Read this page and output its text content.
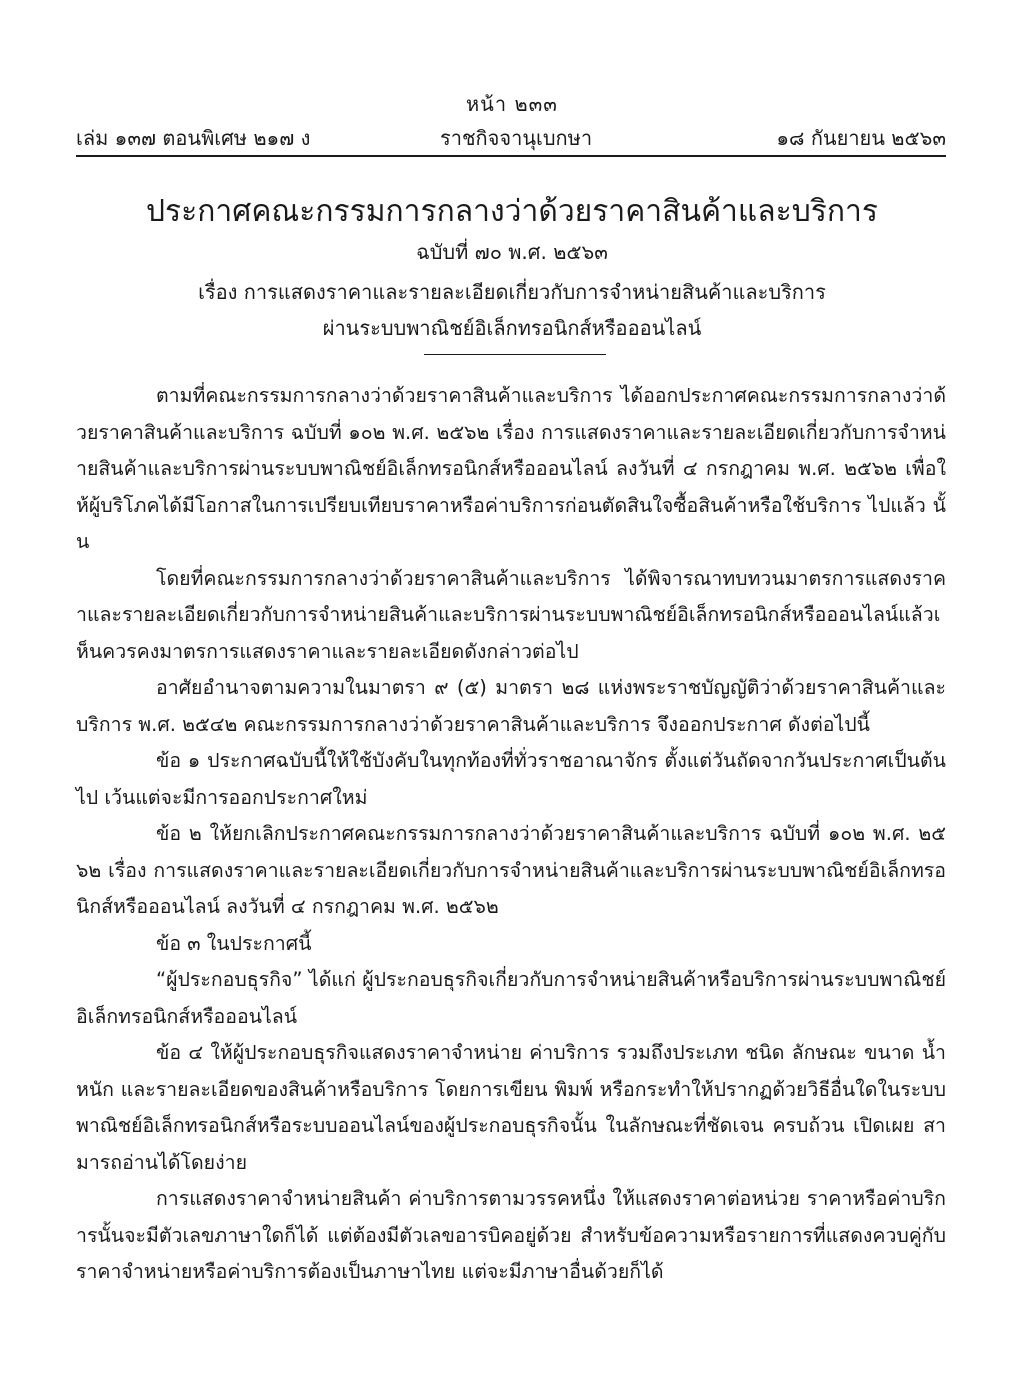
หน้า ๒๓๓
เล่ม ๑๓๗ ตอนพิเศษ ๒๑๗ ง	ราชกิจจานุเบกษา	๑๘ กันยายน ๒๕๖๓
ประกาศคณะกรรมการกลางว่าด้วยราคาสินค้าและบริการ
ฉบับที่ ๗๐ พ.ศ. ๒๕๖๓
เรื่อง การแสดงราคาและรายละเอียดเกี่ยวกับการจำหน่ายสินค้าและบริการ
ผ่านระบบพาณิชย์อิเล็กทรอนิกส์หรือออนไลน์

ตามที่คณะกรรมการกลางว่าด้วยราคาสินค้าและบริการ ได้ออกประกาศคณะกรรมการกลางว่าด้วยราคาสินค้าและบริการ ฉบับที่ ๑๐๒ พ.ศ. ๒๕๖๒ เรื่อง การแสดงราคาและรายละเอียดเกี่ยวกับการจำหน่ายสินค้าและบริการผ่านระบบพาณิชย์อิเล็กทรอนิกส์หรือออนไลน์ ลงวันที่ ๔ กรกฎาคม พ.ศ. ๒๕๖๒ เพื่อให้ผู้บริโภคได้มีโอกาสในการเปรียบเทียบราคาหรือค่าบริการก่อนตัดสินใจซื้อสินค้าหรือใช้บริการ ไปแล้ว นั้น

โดยที่คณะกรรมการกลางว่าด้วยราคาสินค้าและบริการ ได้พิจารณาทบทวนมาตรการแสดงราคาและรายละเอียดเกี่ยวกับการจำหน่ายสินค้าและบริการผ่านระบบพาณิชย์อิเล็กทรอนิกส์หรือออนไลน์แล้วเห็นควรคงมาตรการแสดงราคาและรายละเอียดดังกล่าวต่อไป

อาศัยอำนาจตามความในมาตรา ๙ (๕) มาตรา ๒๘ แห่งพระราชบัญญัติว่าด้วยราคาสินค้าและบริการ พ.ศ. ๒๕๔๒ คณะกรรมการกลางว่าด้วยราคาสินค้าและบริการ จึงออกประกาศ ดังต่อไปนี้

ข้อ ๑ ประกาศฉบับนี้ให้ใช้บังคับในทุกท้องที่ทั่วราชอาณาจักร ตั้งแต่วันถัดจากวันประกาศเป็นต้นไป เว้นแต่จะมีการออกประกาศใหม่

ข้อ ๒ ให้ยกเลิกประกาศคณะกรรมการกลางว่าด้วยราคาสินค้าและบริการ ฉบับที่ ๑๐๒ พ.ศ. ๒๕๖๒ เรื่อง การแสดงราคาและรายละเอียดเกี่ยวกับการจำหน่ายสินค้าและบริการผ่านระบบพาณิชย์อิเล็กทรอนิกส์หรือออนไลน์ ลงวันที่ ๔ กรกฎาคม พ.ศ. ๒๕๖๒

ข้อ ๓ ในประกาศนี้

“ผู้ประกอบธุรกิจ” ได้แก่ ผู้ประกอบธุรกิจเกี่ยวกับการจำหน่ายสินค้าหรือบริการผ่านระบบพาณิชย์อิเล็กทรอนิกส์หรือออนไลน์

ข้อ ๔ ให้ผู้ประกอบธุรกิจแสดงราคาจำหน่าย ค่าบริการ รวมถึงประเภท ชนิด ลักษณะ ขนาด น้ำหนัก และรายละเอียดของสินค้าหรือบริการ โดยการเขียน พิมพ์ หรือกระทำให้ปรากฏด้วยวิธีอื่นใดในระบบพาณิชย์อิเล็กทรอนิกส์หรือระบบออนไลน์ของผู้ประกอบธุรกิจนั้น ในลักษณะที่ชัดเจน ครบถ้วน เปิดเผย สามารถอ่านได้โดยง่าย

การแสดงราคาจำหน่ายสินค้า ค่าบริการตามวรรคหนึ่ง ให้แสดงราคาต่อหน่วย ราคาหรือค่าบริการนั้นจะมีตัวเลขภาษาใดก็ได้ แต่ต้องมีตัวเลขอารบิคอยู่ด้วย สำหรับข้อความหรือรายการที่แสดงควบคู่กับราคาจำหน่ายหรือค่าบริการต้องเป็นภาษาไทย แต่จะมีภาษาอื่นด้วยก็ได้
